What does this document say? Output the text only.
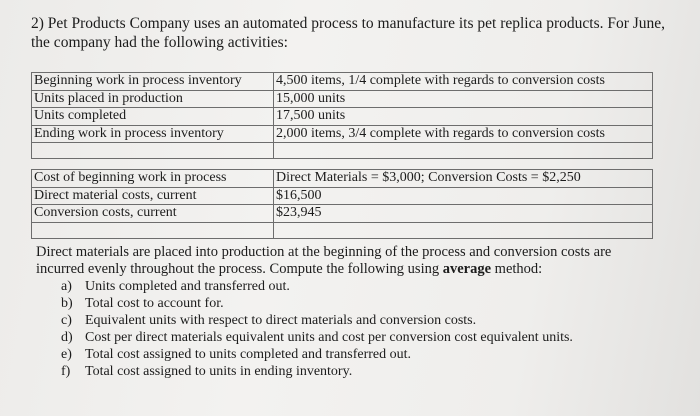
2) Pet Products Company uses an automated process to manufacture its pet replica products. For June,

the company had the following activities:

Beginning work in process inventory	4,500 items, 1/4 complete with regards to conversion costs
Units placed in production	15,000 units
Units completed	17,500 units
Ending work in process inventory	2,000 items, 3/4 complete with regards to conversion costs

Cost of beginning work in process	Direct Materials = $3,000; Conversion Costs = $2,250
Direct material costs, current	$16,500
Conversion costs, current	$23,945

Direct materials are placed into production at the beginning of the process and conversion costs are

incurred evenly throughout the process. Compute the following using average method:

a) Units completed and transferred out.
b) Total cost to account for.
c) Equivalent units with respect to direct materials and conversion costs.
d) Cost per direct materials equivalent units and cost per conversion cost equivalent units.
e) Total cost assigned to units completed and transferred out.
f)	Total cost assigned to units in ending inventory.
